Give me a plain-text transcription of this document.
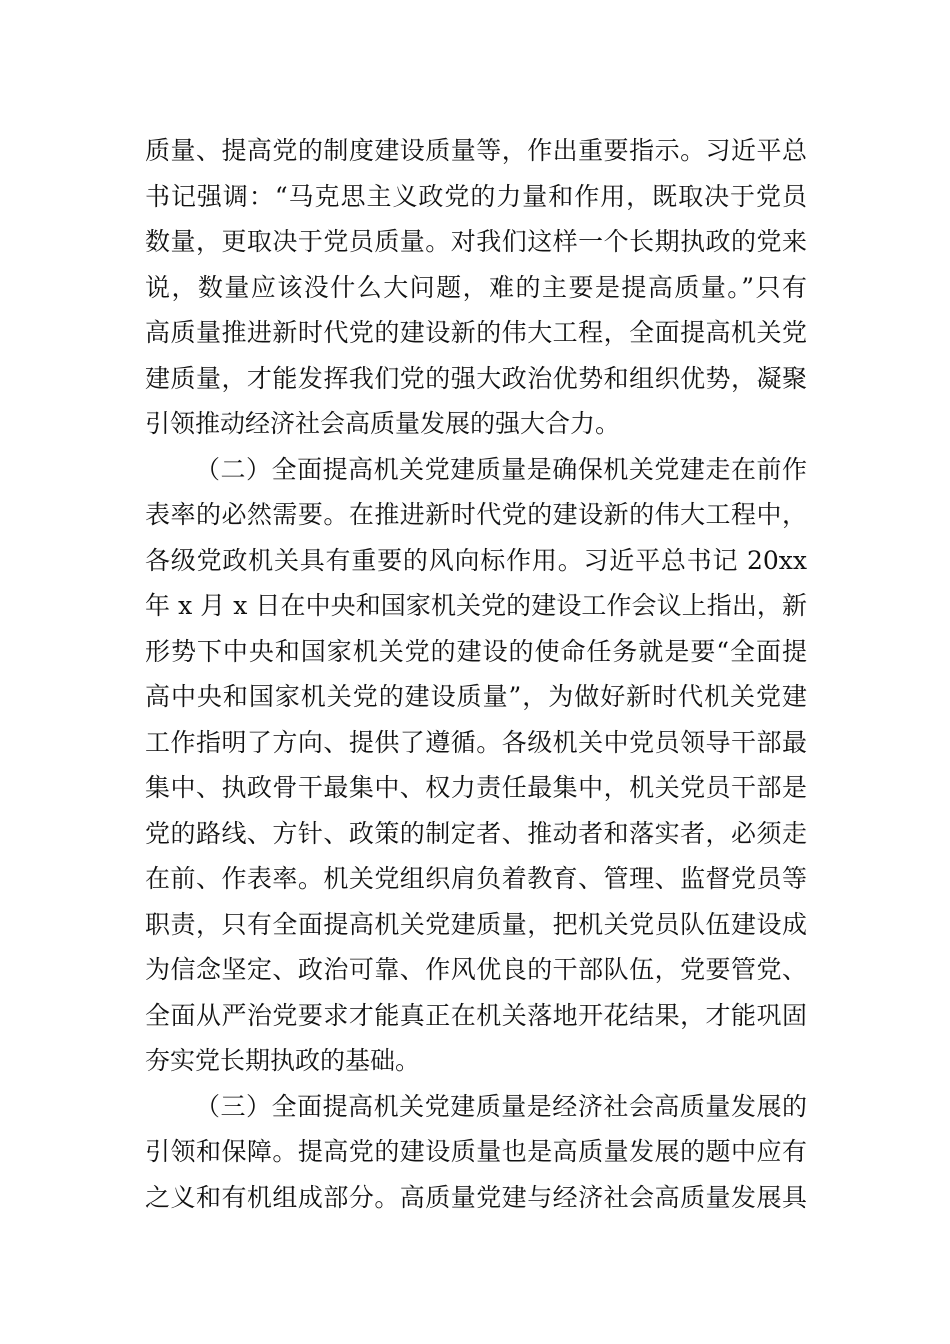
质量、提高党的制度建设质量等，作出重要指示。习近平总
书记强调：“马克思主义政党的力量和作用，既取决于党员
数量，更取决于党员质量。对我们这样一个长期执政的党来
说，数量应该没什么大问题，难的主要是提高质量。”只有
高质量推进新时代党的建设新的伟大工程，全面提高机关党
建质量，才能发挥我们党的强大政治优势和组织优势，凝聚
引领推动经济社会高质量发展的强大合力。
（二）全面提高机关党建质量是确保机关党建走在前作
表率的必然需要。在推进新时代党的建设新的伟大工程中，
各级党政机关具有重要的风向标作用。习近平总书记 20xx
年 x 月 x 日在中央和国家机关党的建设工作会议上指出，新
形势下中央和国家机关党的建设的使命任务就是要“全面提
高中央和国家机关党的建设质量”，为做好新时代机关党建
工作指明了方向、提供了遵循。各级机关中党员领导干部最
集中、执政骨干最集中、权力责任最集中，机关党员干部是
党的路线、方针、政策的制定者、推动者和落实者，必须走
在前、作表率。机关党组织肩负着教育、管理、监督党员等
职责，只有全面提高机关党建质量，把机关党员队伍建设成
为信念坚定、政治可靠、作风优良的干部队伍，党要管党、
全面从严治党要求才能真正在机关落地开花结果，才能巩固
夯实党长期执政的基础。
（三）全面提高机关党建质量是经济社会高质量发展的
引领和保障。提高党的建设质量也是高质量发展的题中应有
之义和有机组成部分。高质量党建与经济社会高质量发展具
